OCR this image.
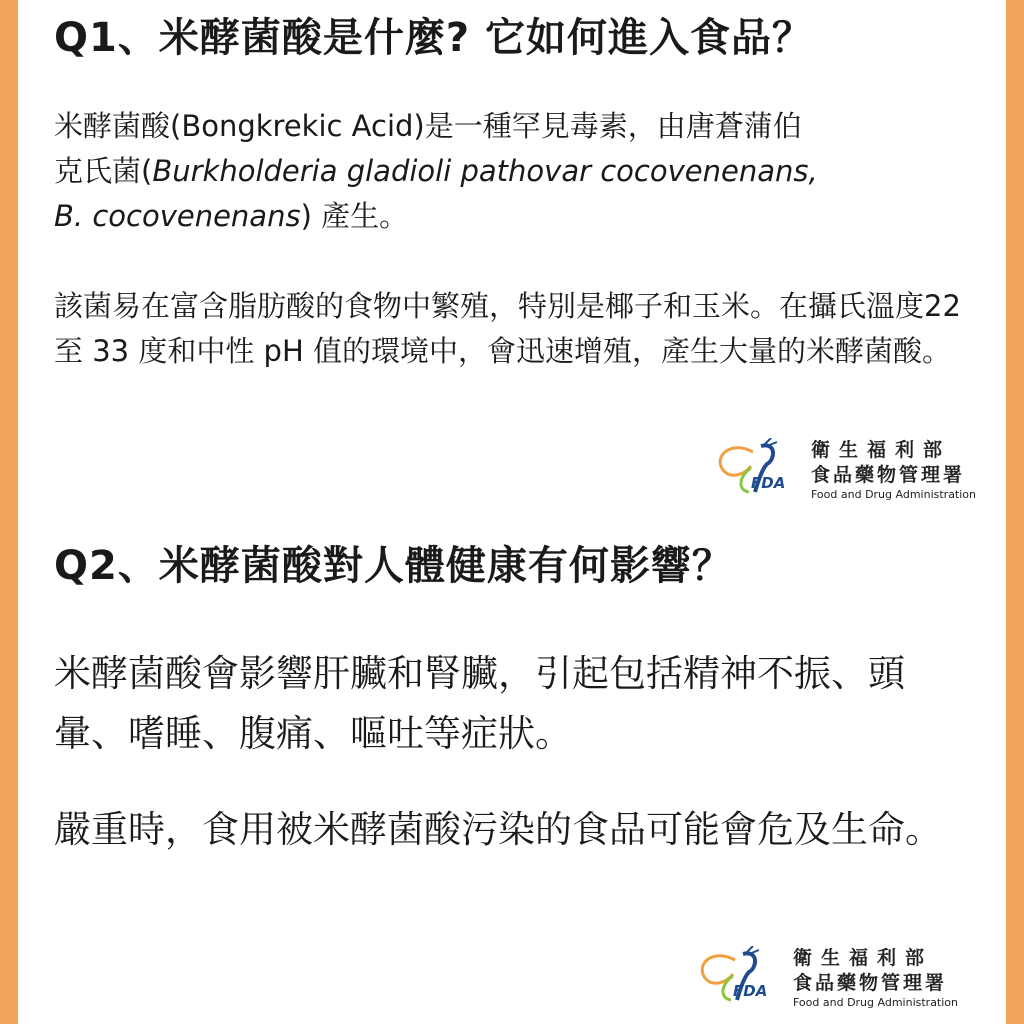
Q1、米酵菌酸是什麼? 它如何進入食品？

米酵菌酸(Bongkrekic Acid)是一種罕見毒素，由唐蒼蒲伯
克氏菌(Burkholderia gladioli pathovar cocovenenans,
B. cocovenenans) 產生。

該菌易在富含脂肪酸的食物中繁殖，特別是椰子和玉米。在攝氏溫度22 至 33 度和中性 pH 值的環境中，會迅速增殖，產生大量的米酵菌酸。

FDA
衛生福利部
食品藥物管理署
Food and Drug Administration
Q2、米酵菌酸對人體健康有何影響？

米酵菌酸會影響肝臟和腎臟，引起包括精神不振、頭暈、嗜睡、腹痛、嘔吐等症狀。

嚴重時，食用被米酵菌酸污染的食品可能會危及生命。

FDA
衛生福利部
食品藥物管理署
Food and Drug Administration
